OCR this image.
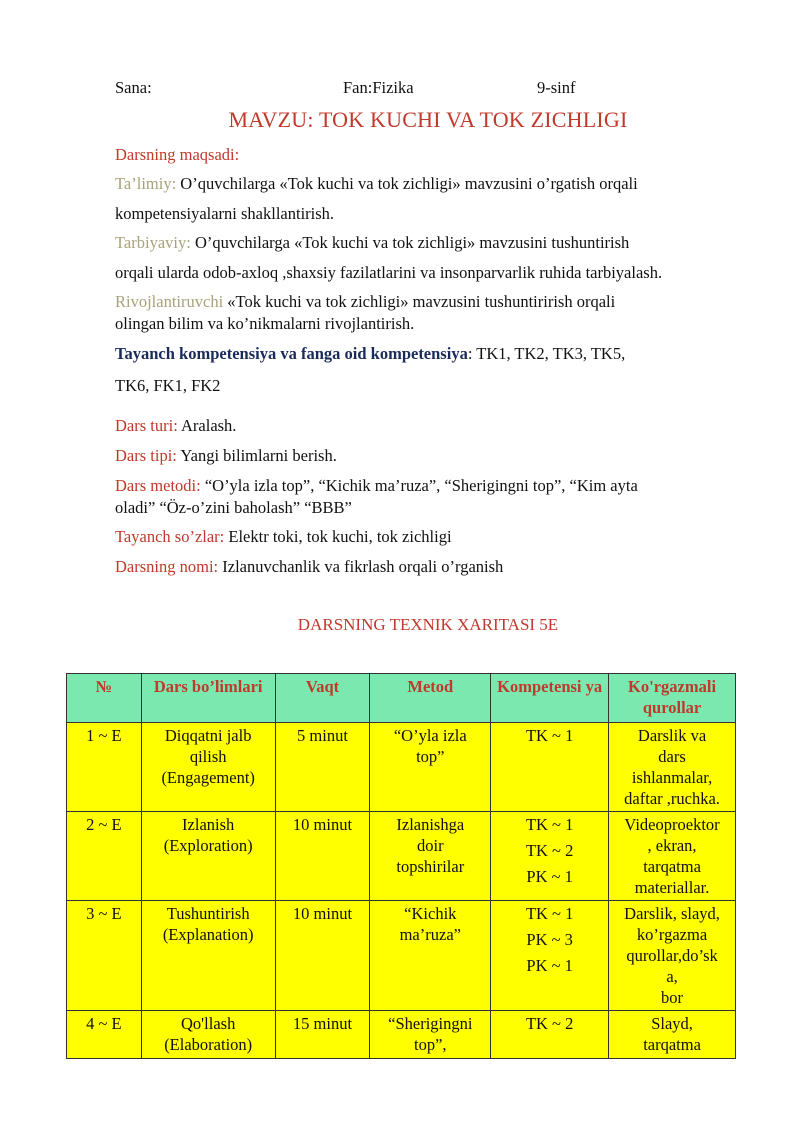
Sana:	Fan:Fizika	9-sinf
MAVZU: TOK KUCHI VA TOK ZICHLIGI
Darsning maqsadi:
Ta’limiy: O’quvchilarga «Tok kuchi va tok zichligi» mavzusini o’rgatish orqali
kompetensiyalarni shakllantirish.
Tarbiyaviy: O’quvchilarga «Tok kuchi va tok zichligi» mavzusini tushuntirish
orqali ularda odob-axloq ,shaxsiy fazilatlarini va insonparvarlik ruhida tarbiyalash.
Rivojlantiruvchi «Tok kuchi va tok zichligi» mavzusini tushuntirirish orqali
olingan bilim va ko’nikmalarni rivojlantirish.
Tayanch kompetensiya va fanga oid kompetensiya: TK1, TK2, TK3, TK5,
TK6, FK1, FK2
Dars turi: Aralash.
Dars tipi: Yangi bilimlarni berish.
Dars metodi: “O’yla izla top”, “Kichik ma’ruza”, “Sherigingni top”, “Kim ayta
oladi” “Öz-o’zini baholash” “BBB”
Tayanch so’zlar: Elektr toki, tok kuchi, tok zichligi
Darsning nomi: Izlanuvchanlik va fikrlash orqali o’rganish
DARSNING TEXNIK XARITASI 5E
№	Dars bo’limlari	Vaqt	Metod	Kompetensi ya	Ko'rgazmali qurollar

1 ~ E	Diqqatni jalb
qilish
(Engagement)	5 minut	“O’yla izla
top”	TK ~ 1	Darslik va
dars
ishlanmalar,
daftar ,ruchka.

2 ~ E	Izlanish
(Exploration)	10 minut	Izlanishga
doir
topshirilar	TK ~ 1
TK ~ 2
PK ~ 1	Videoproektor
, ekran,
tarqatma
materiallar.

3 ~ E	Tushuntirish
(Explanation)	10 minut	“Kichik
ma’ruza”	TK ~ 1
PK ~ 3
PK ~ 1	Darslik, slayd,
ko’rgazma
qurollar,do’sk
a,
bor

4 ~ E	Qo'llash
(Elaboration)	15 minut	“Sherigingni
top”,	TK ~ 2	Slayd,
tarqatma
